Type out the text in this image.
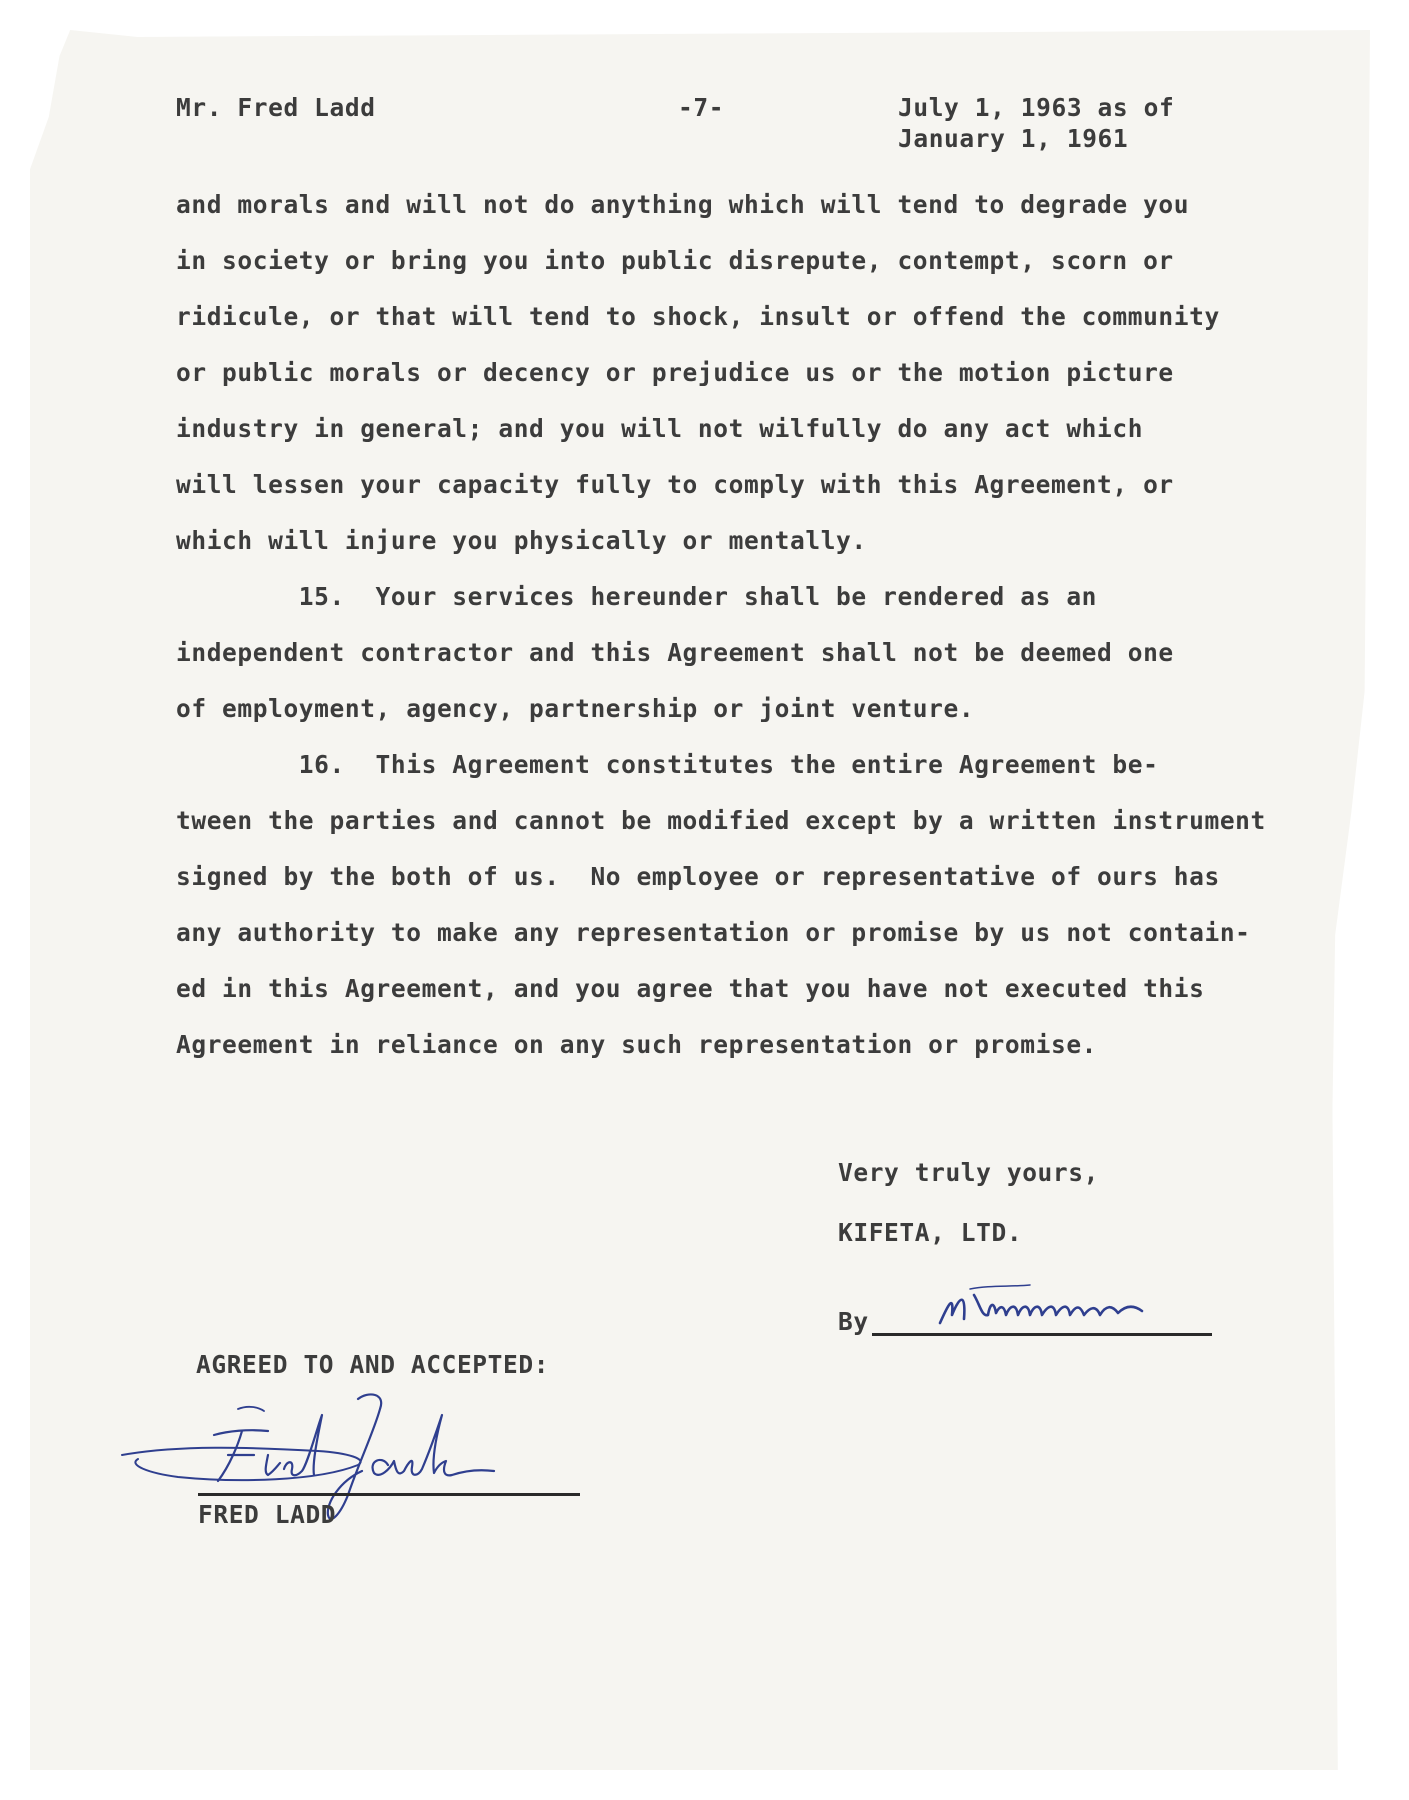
Mr. Fred Ladd	-7-	July 1, 1963 as of
January 1, 1961
and morals and will not do anything which will tend to degrade you
in society or bring you into public disrepute, contempt, scorn or
ridicule, or that will tend to shock, insult or offend the community
or public morals or decency or prejudice us or the motion picture
industry in general; and you will not wilfully do any act which
will lessen your capacity fully to comply with this Agreement, or
which will injure you physically or mentally.
15.  Your services hereunder shall be rendered as an
independent contractor and this Agreement shall not be deemed one
of employment, agency, partnership or joint venture.
16.  This Agreement constitutes the entire Agreement be-
tween the parties and cannot be modified except by a written instrument
signed by the both of us.  No employee or representative of ours has
any authority to make any representation or promise by us not contain-
ed in this Agreement, and you agree that you have not executed this
Agreement in reliance on any such representation or promise.
Very truly yours,
KIFETA, LTD.
By
AGREED TO AND ACCEPTED:
FRED LADD
